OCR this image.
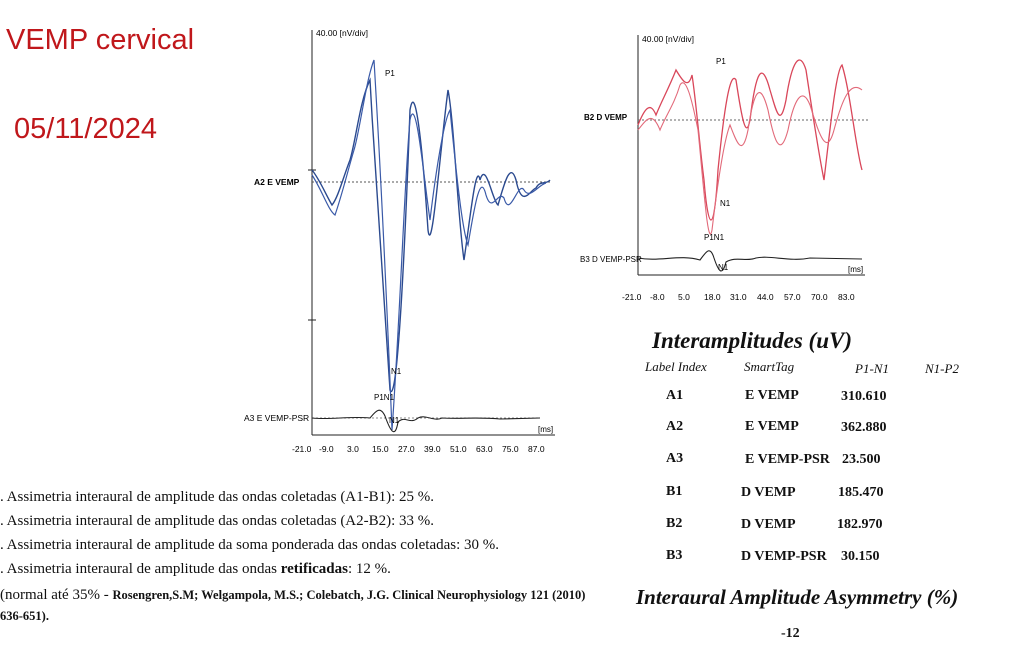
VEMP cervical
05/11/2024
40.00 [nV/div]
A2 E VEMP
A3 E VEMP-PSR
P1
N1
P1N1
N1
[ms]
-21.0 -9.0 3.0 15.0 27.0 39.0 51.0 63.0 75.0 87.0
40.00 [nV/div]
B2 D VEMP
P1
N1
B3 D VEMP-PSR
P1N1
N1	[ms]
-21.0 -8.0 5.0 18.0 31.0 44.0 57.0 70.0 83.0
Interamplitudes (uV)
Label Index	SmartTag	P1-N1	N1-P2
A1	E VEMP	310.610
A2	E VEMP	362.880
A3	E VEMP-PSR 23.500
B1	D VEMP	185.470
B2	D VEMP	182.970
B3	D VEMP-PSR 30.150
Interaural Amplitude Asymmetry (%)
-12
. Assimetria interaural de amplitude das ondas coletadas (A1-B1): 25 %.
. Assimetria interaural de amplitude das ondas coletadas (A2-B2): 33 %.
. Assimetria interaural de amplitude da soma ponderada das ondas coletadas: 30 %.
. Assimetria interaural de amplitude das ondas retificadas: 12 %.
(normal até 35% - Rosengren,S.M; Welgampola, M.S.; Colebatch, J.G. Clinical Neurophysiology 121 (2010) 636-651).
